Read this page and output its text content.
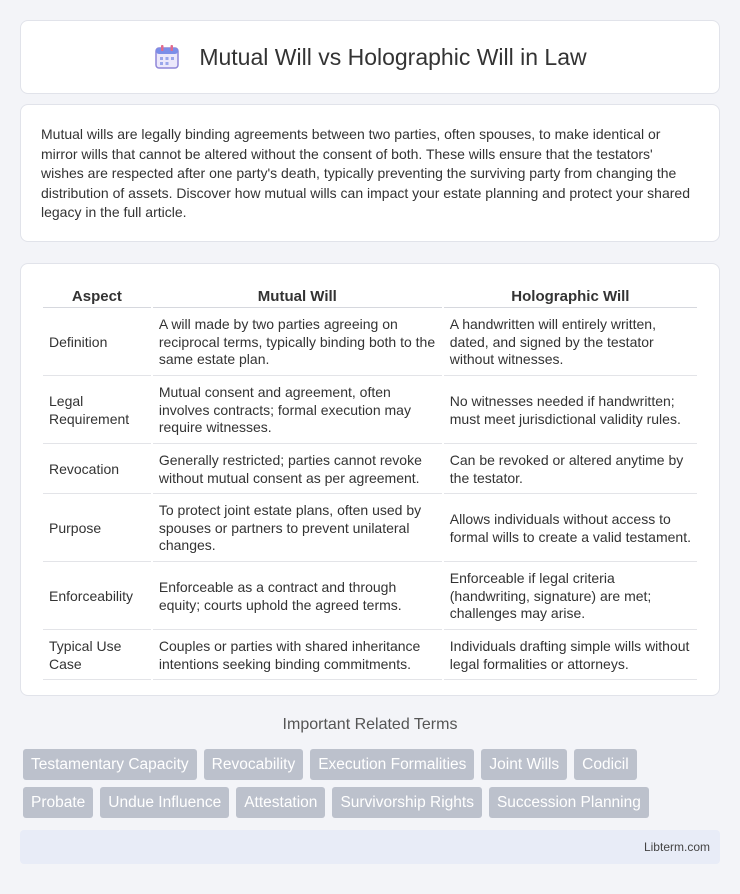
Mutual Will vs Holographic Will in Law

Mutual wills are legally binding agreements between two parties, often spouses, to make identical or mirror wills that cannot be altered without the consent of both. These wills ensure that the testators' wishes are respected after one party's death, typically preventing the surviving party from changing the distribution of assets. Discover how mutual wills can impact your estate planning and protect your shared legacy in the full article.

Aspect	Mutual Will	Holographic Will
Definition	A will made by two parties agreeing on reciprocal terms, typically binding both to the same estate plan.	A handwritten will entirely written, dated, and signed by the testator without witnesses.
Legal Requirement	Mutual consent and agreement, often involves contracts; formal execution may require witnesses.	No witnesses needed if handwritten; must meet jurisdictional validity rules.
Revocation	Generally restricted; parties cannot revoke without mutual consent as per agreement.	Can be revoked or altered anytime by the testator.
Purpose	To protect joint estate plans, often used by spouses or partners to prevent unilateral changes.	Allows individuals without access to formal wills to create a valid testament.
Enforceability	Enforceable as a contract and through equity; courts uphold the agreed terms.	Enforceable if legal criteria (handwriting, signature) are met; challenges may arise.
Typical Use Case	Couples or parties with shared inheritance intentions seeking binding commitments.	Individuals drafting simple wills without legal formalities or attorneys.
Important Related Terms
Testamentary Capacity	Revocability	Execution Formalities	Joint Wills	Codicil
Probate	Undue Influence	Attestation	Survivorship Rights	Succession Planning
Libterm.com
